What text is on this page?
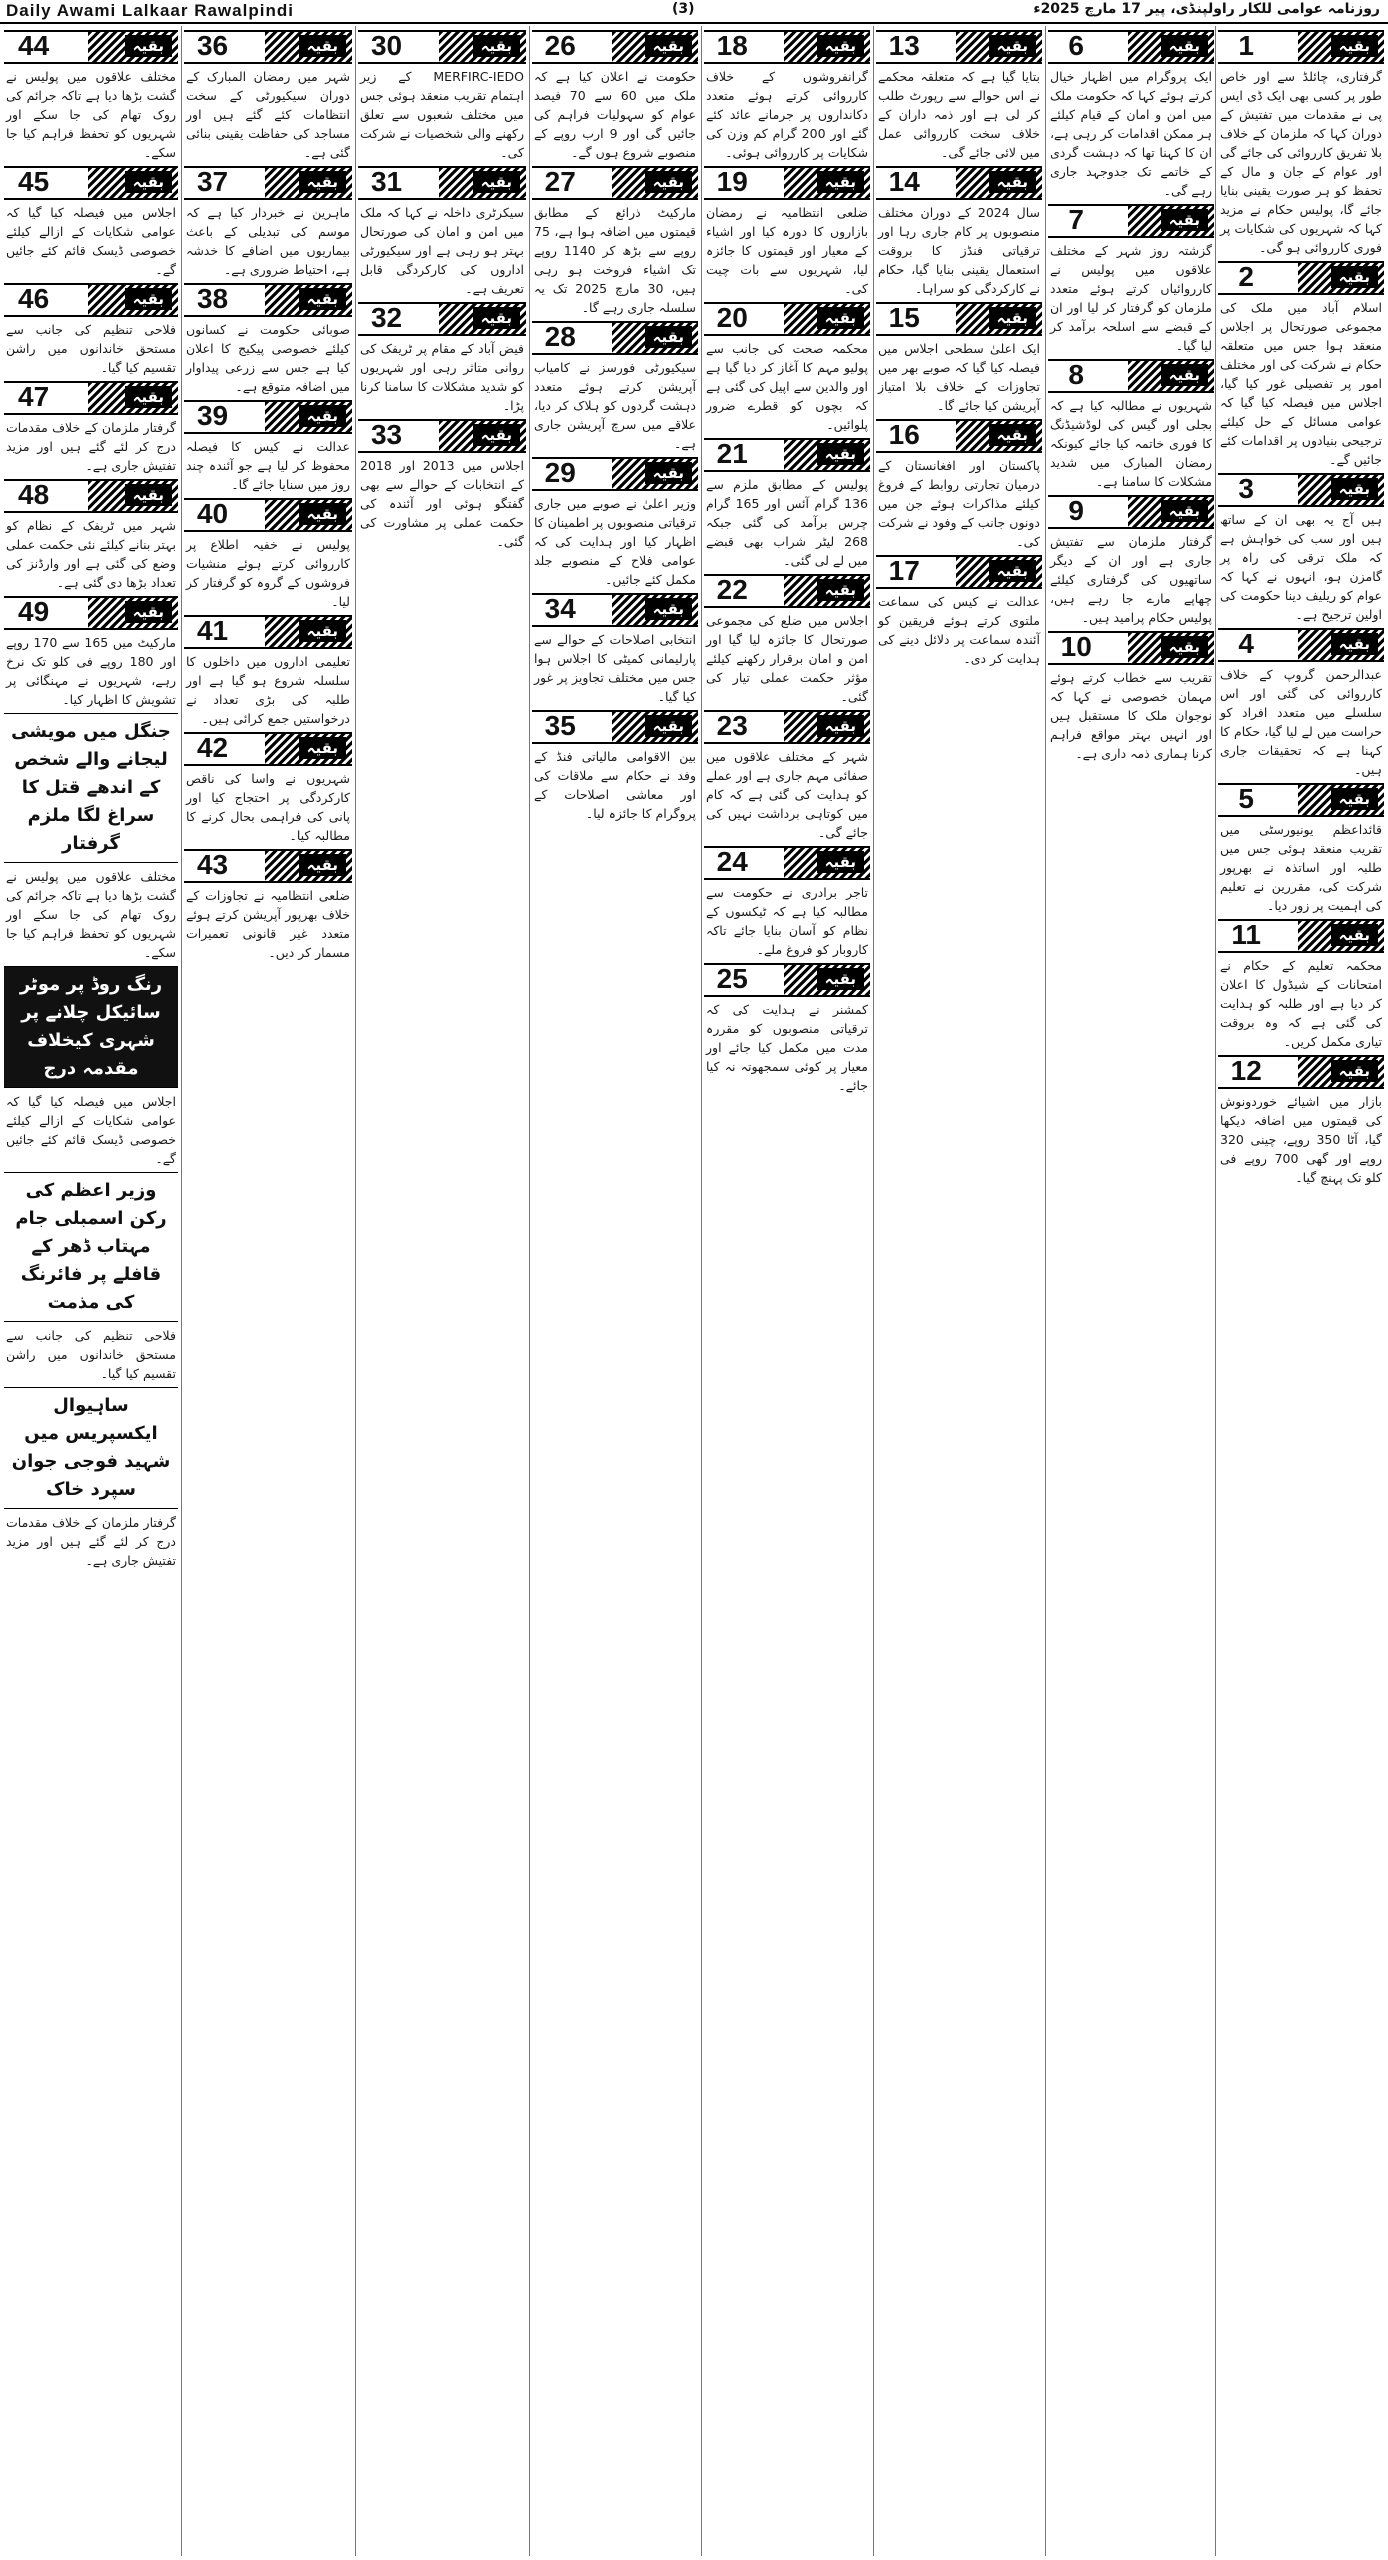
Daily Awami Lalkaar Rawalpindi	(3)	روزنامہ عوامی للکار راولپنڈی، پیر 17 مارچ 2025ء
1	بقیہ
گرفتاری، چائلڈ سے اور خاص طور پر کسی بھی ایک ڈی ایس پی نے مقدمات میں تفتیش کے دوران کہا کہ ملزمان کے خلاف بلا تفریق کارروائی کی جائے گی اور عوام کے جان و مال کے تحفظ کو ہر صورت یقینی بنایا جائے گا، پولیس حکام نے مزید کہا کہ شہریوں کی شکایات پر فوری کارروائی ہو گی۔
2	بقیہ
اسلام آباد میں ملک کی مجموعی صورتحال پر اجلاس منعقد ہوا جس میں متعلقہ حکام نے شرکت کی اور مختلف امور پر تفصیلی غور کیا گیا، اجلاس میں فیصلہ کیا گیا کہ عوامی مسائل کے حل کیلئے ترجیحی بنیادوں پر اقدامات کئے جائیں گے۔
3	بقیہ
ہیں آج یہ بھی ان کے ساتھ ہیں اور سب کی خواہش ہے کہ ملک ترقی کی راہ پر گامزن ہو، انہوں نے کہا کہ عوام کو ریلیف دینا حکومت کی اولین ترجیح ہے۔
4	بقیہ
عبدالرحمن گروپ کے خلاف کارروائی کی گئی اور اس سلسلے میں متعدد افراد کو حراست میں لے لیا گیا، حکام کا کہنا ہے کہ تحقیقات جاری ہیں۔
5	بقیہ
قائداعظم یونیورسٹی میں تقریب منعقد ہوئی جس میں طلبہ اور اساتذہ نے بھرپور شرکت کی، مقررین نے تعلیم کی اہمیت پر زور دیا۔
11	بقیہ
محکمہ تعلیم کے حکام نے امتحانات کے شیڈول کا اعلان کر دیا ہے اور طلبہ کو ہدایت کی گئی ہے کہ وہ بروقت تیاری مکمل کریں۔
12	بقیہ
بازار میں اشیائے خوردونوش کی قیمتوں میں اضافہ دیکھا گیا، آٹا 350 روپے، چینی 320 روپے اور گھی 700 روپے فی کلو تک پہنچ گیا۔
6	بقیہ
ایک پروگرام میں اظہار خیال کرتے ہوئے کہا کہ حکومت ملک میں امن و امان کے قیام کیلئے ہر ممکن اقدامات کر رہی ہے، ان کا کہنا تھا کہ دہشت گردی کے خاتمے تک جدوجہد جاری رہے گی۔
7	بقیہ
گزشتہ روز شہر کے مختلف علاقوں میں پولیس نے کارروائیاں کرتے ہوئے متعدد ملزمان کو گرفتار کر لیا اور ان کے قبضے سے اسلحہ برآمد کر لیا گیا۔
8	بقیہ
شہریوں نے مطالبہ کیا ہے کہ بجلی اور گیس کی لوڈشیڈنگ کا فوری خاتمہ کیا جائے کیونکہ رمضان المبارک میں شدید مشکلات کا سامنا ہے۔
9	بقیہ
گرفتار ملزمان سے تفتیش جاری ہے اور ان کے دیگر ساتھیوں کی گرفتاری کیلئے چھاپے مارے جا رہے ہیں، پولیس حکام پرامید ہیں۔
10	بقیہ
تقریب سے خطاب کرتے ہوئے مہمان خصوصی نے کہا کہ نوجوان ملک کا مستقبل ہیں اور انہیں بہتر مواقع فراہم کرنا ہماری ذمہ داری ہے۔
13	بقیہ
بتایا گیا ہے کہ متعلقہ محکمے نے اس حوالے سے رپورٹ طلب کر لی ہے اور ذمہ داران کے خلاف سخت کارروائی عمل میں لائی جائے گی۔
14	بقیہ
سال 2024 کے دوران مختلف منصوبوں پر کام جاری رہا اور ترقیاتی فنڈز کا بروقت استعمال یقینی بنایا گیا، حکام نے کارکردگی کو سراہا۔
15	بقیہ
ایک اعلیٰ سطحی اجلاس میں فیصلہ کیا گیا کہ صوبے بھر میں تجاوزات کے خلاف بلا امتیاز آپریشن کیا جائے گا۔
16	بقیہ
پاکستان اور افغانستان کے درمیان تجارتی روابط کے فروغ کیلئے مذاکرات ہوئے جن میں دونوں جانب کے وفود نے شرکت کی۔
17	بقیہ
عدالت نے کیس کی سماعت ملتوی کرتے ہوئے فریقین کو آئندہ سماعت پر دلائل دینے کی ہدایت کر دی۔
18	بقیہ
گرانفروشوں کے خلاف کارروائی کرتے ہوئے متعدد دکانداروں پر جرمانے عائد کئے گئے اور 200 گرام کم وزن کی شکایات پر کارروائی ہوئی۔
19	بقیہ
ضلعی انتظامیہ نے رمضان بازاروں کا دورہ کیا اور اشیاء کے معیار اور قیمتوں کا جائزہ لیا، شہریوں سے بات چیت کی۔
20	بقیہ
محکمہ صحت کی جانب سے پولیو مہم کا آغاز کر دیا گیا ہے اور والدین سے اپیل کی گئی ہے کہ بچوں کو قطرے ضرور پلوائیں۔
21	بقیہ
پولیس کے مطابق ملزم سے 136 گرام آئس اور 165 گرام چرس برآمد کی گئی جبکہ 268 لیٹر شراب بھی قبضے میں لے لی گئی۔
22	بقیہ
اجلاس میں ضلع کی مجموعی صورتحال کا جائزہ لیا گیا اور امن و امان برقرار رکھنے کیلئے مؤثر حکمت عملی تیار کی گئی۔
23	بقیہ
شہر کے مختلف علاقوں میں صفائی مہم جاری ہے اور عملے کو ہدایت کی گئی ہے کہ کام میں کوتاہی برداشت نہیں کی جائے گی۔
24	بقیہ
تاجر برادری نے حکومت سے مطالبہ کیا ہے کہ ٹیکسوں کے نظام کو آسان بنایا جائے تاکہ کاروبار کو فروغ ملے۔
25	بقیہ
کمشنر نے ہدایت کی کہ ترقیاتی منصوبوں کو مقررہ مدت میں مکمل کیا جائے اور معیار پر کوئی سمجھوتہ نہ کیا جائے۔
26	بقیہ
حکومت نے اعلان کیا ہے کہ ملک میں 60 سے 70 فیصد عوام کو سہولیات فراہم کی جائیں گی اور 9 ارب روپے کے منصوبے شروع ہوں گے۔
27	بقیہ
مارکیٹ ذرائع کے مطابق قیمتوں میں اضافہ ہوا ہے، 75 روپے سے بڑھ کر 1140 روپے تک اشیاء فروخت ہو رہی ہیں، 30 مارچ 2025 تک یہ سلسلہ جاری رہے گا۔
28	بقیہ
سیکیورٹی فورسز نے کامیاب آپریشن کرتے ہوئے متعدد دہشت گردوں کو ہلاک کر دیا، علاقے میں سرچ آپریشن جاری ہے۔
29	بقیہ
وزیر اعلیٰ نے صوبے میں جاری ترقیاتی منصوبوں پر اطمینان کا اظہار کیا اور ہدایت کی کہ عوامی فلاح کے منصوبے جلد مکمل کئے جائیں۔
34	بقیہ
انتخابی اصلاحات کے حوالے سے پارلیمانی کمیٹی کا اجلاس ہوا جس میں مختلف تجاویز پر غور کیا گیا۔
35	بقیہ
بین الاقوامی مالیاتی فنڈ کے وفد نے حکام سے ملاقات کی اور معاشی اصلاحات کے پروگرام کا جائزہ لیا۔
30	بقیہ
MERFIRC-IEDO کے زیر اہتمام تقریب منعقد ہوئی جس میں مختلف شعبوں سے تعلق رکھنے والی شخصیات نے شرکت کی۔
31	بقیہ
سیکرٹری داخلہ نے کہا کہ ملک میں امن و امان کی صورتحال بہتر ہو رہی ہے اور سیکیورٹی اداروں کی کارکردگی قابل تعریف ہے۔
32	بقیہ
فیض آباد کے مقام پر ٹریفک کی روانی متاثر رہی اور شہریوں کو شدید مشکلات کا سامنا کرنا پڑا۔
33	بقیہ
اجلاس میں 2013 اور 2018 کے انتخابات کے حوالے سے بھی گفتگو ہوئی اور آئندہ کی حکمت عملی پر مشاورت کی گئی۔
36	بقیہ
شہر میں رمضان المبارک کے دوران سیکیورٹی کے سخت انتظامات کئے گئے ہیں اور مساجد کی حفاظت یقینی بنائی گئی ہے۔
37	بقیہ
ماہرین نے خبردار کیا ہے کہ موسم کی تبدیلی کے باعث بیماریوں میں اضافے کا خدشہ ہے، احتیاط ضروری ہے۔
38	بقیہ
صوبائی حکومت نے کسانوں کیلئے خصوصی پیکیج کا اعلان کیا ہے جس سے زرعی پیداوار میں اضافہ متوقع ہے۔
39	بقیہ
عدالت نے کیس کا فیصلہ محفوظ کر لیا ہے جو آئندہ چند روز میں سنایا جائے گا۔
40	بقیہ
پولیس نے خفیہ اطلاع پر کارروائی کرتے ہوئے منشیات فروشوں کے گروہ کو گرفتار کر لیا۔
41	بقیہ
تعلیمی اداروں میں داخلوں کا سلسلہ شروع ہو گیا ہے اور طلبہ کی بڑی تعداد نے درخواستیں جمع کرائی ہیں۔
42	بقیہ
شہریوں نے واسا کی ناقص کارکردگی پر احتجاج کیا اور پانی کی فراہمی بحال کرنے کا مطالبہ کیا۔
43	بقیہ
ضلعی انتظامیہ نے تجاوزات کے خلاف بھرپور آپریشن کرتے ہوئے متعدد غیر قانونی تعمیرات مسمار کر دیں۔
44	بقیہ
مختلف علاقوں میں پولیس نے گشت بڑھا دیا ہے تاکہ جرائم کی روک تھام کی جا سکے اور شہریوں کو تحفظ فراہم کیا جا سکے۔
45	بقیہ
اجلاس میں فیصلہ کیا گیا کہ عوامی شکایات کے ازالے کیلئے خصوصی ڈیسک قائم کئے جائیں گے۔
46	بقیہ
فلاحی تنظیم کی جانب سے مستحق خاندانوں میں راشن تقسیم کیا گیا۔
47	بقیہ
گرفتار ملزمان کے خلاف مقدمات درج کر لئے گئے ہیں اور مزید تفتیش جاری ہے۔
48	بقیہ
شہر میں ٹریفک کے نظام کو بہتر بنانے کیلئے نئی حکمت عملی وضع کی گئی ہے اور وارڈنز کی تعداد بڑھا دی گئی ہے۔
49	بقیہ
مارکیٹ میں 165 سے 170 روپے اور 180 روپے فی کلو تک نرخ رہے، شہریوں نے مہنگائی پر تشویش کا اظہار کیا۔
جنگل میں مویشی لیجانے والے شخص کے اندھے قتل کا سراغ لگا ملزم گرفتار
مختلف علاقوں میں پولیس نے گشت بڑھا دیا ہے تاکہ جرائم کی روک تھام کی جا سکے اور شہریوں کو تحفظ فراہم کیا جا سکے۔
رنگ روڈ پر موٹر سائیکل چلانے پر شہری کیخلاف مقدمہ درج
اجلاس میں فیصلہ کیا گیا کہ عوامی شکایات کے ازالے کیلئے خصوصی ڈیسک قائم کئے جائیں گے۔
وزیر اعظم کی رکن اسمبلی جام مہتاب ڈھر کے قافلے پر فائرنگ کی مذمت
فلاحی تنظیم کی جانب سے مستحق خاندانوں میں راشن تقسیم کیا گیا۔
ساہیوال ایکسپریس میں شہید فوجی جوان سپرد خاک
گرفتار ملزمان کے خلاف مقدمات درج کر لئے گئے ہیں اور مزید تفتیش جاری ہے۔
